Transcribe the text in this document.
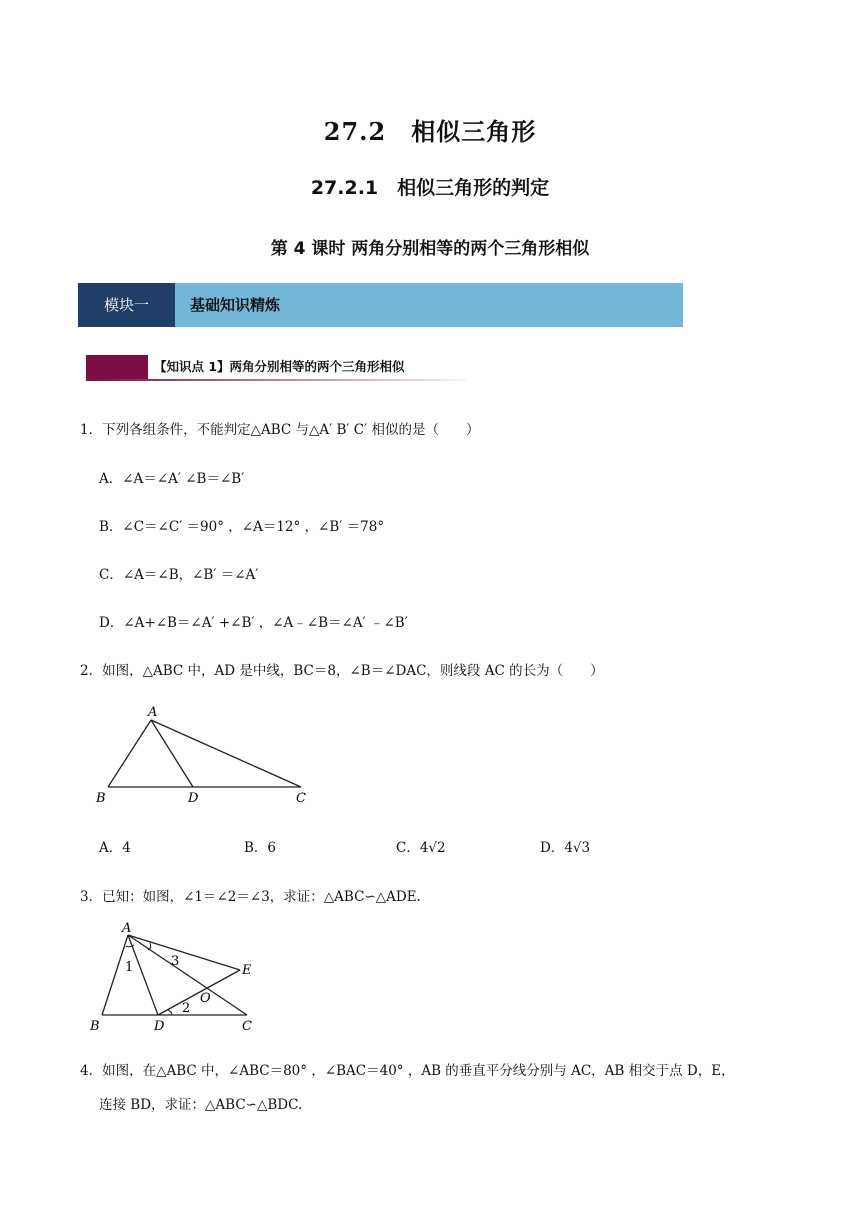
27.2　相似三角形
27.2.1　相似三角形的判定
第 4 课时 两角分别相等的两个三角形相似
模块一	基础知识精炼
【知识点 1】两角分别相等的两个三角形相似
1．下列各组条件，不能判定△ABC 与△A′ B′ C′ 相似的是（　　）
A．∠A＝∠A′ ∠B＝∠B′
B．∠C＝∠C′ ＝90° ，∠A＝12° ，∠B′ ＝78°
C．∠A＝∠B，∠B′ ＝∠A′
D．∠A+∠B＝∠A′ +∠B′ ，∠A﹣∠B＝∠A′ ﹣∠B′
2．如图，△ABC 中，AD 是中线，BC＝8，∠B＝∠DAC，则线段 AC 的长为（　　）
A
B	D	C
A．4	B．6	C．4√2	D．4√3
3．已知：如图，∠1＝∠2＝∠3，求证：△ABC∽△ADE.
B	D	C
A
E
O
1	3
2
4．如图，在△ABC 中，∠ABC＝80° ，∠BAC＝40° ，AB 的垂直平分线分别与 AC，AB 相交于点 D，E，
连接 BD，求证：△ABC∽△BDC.
